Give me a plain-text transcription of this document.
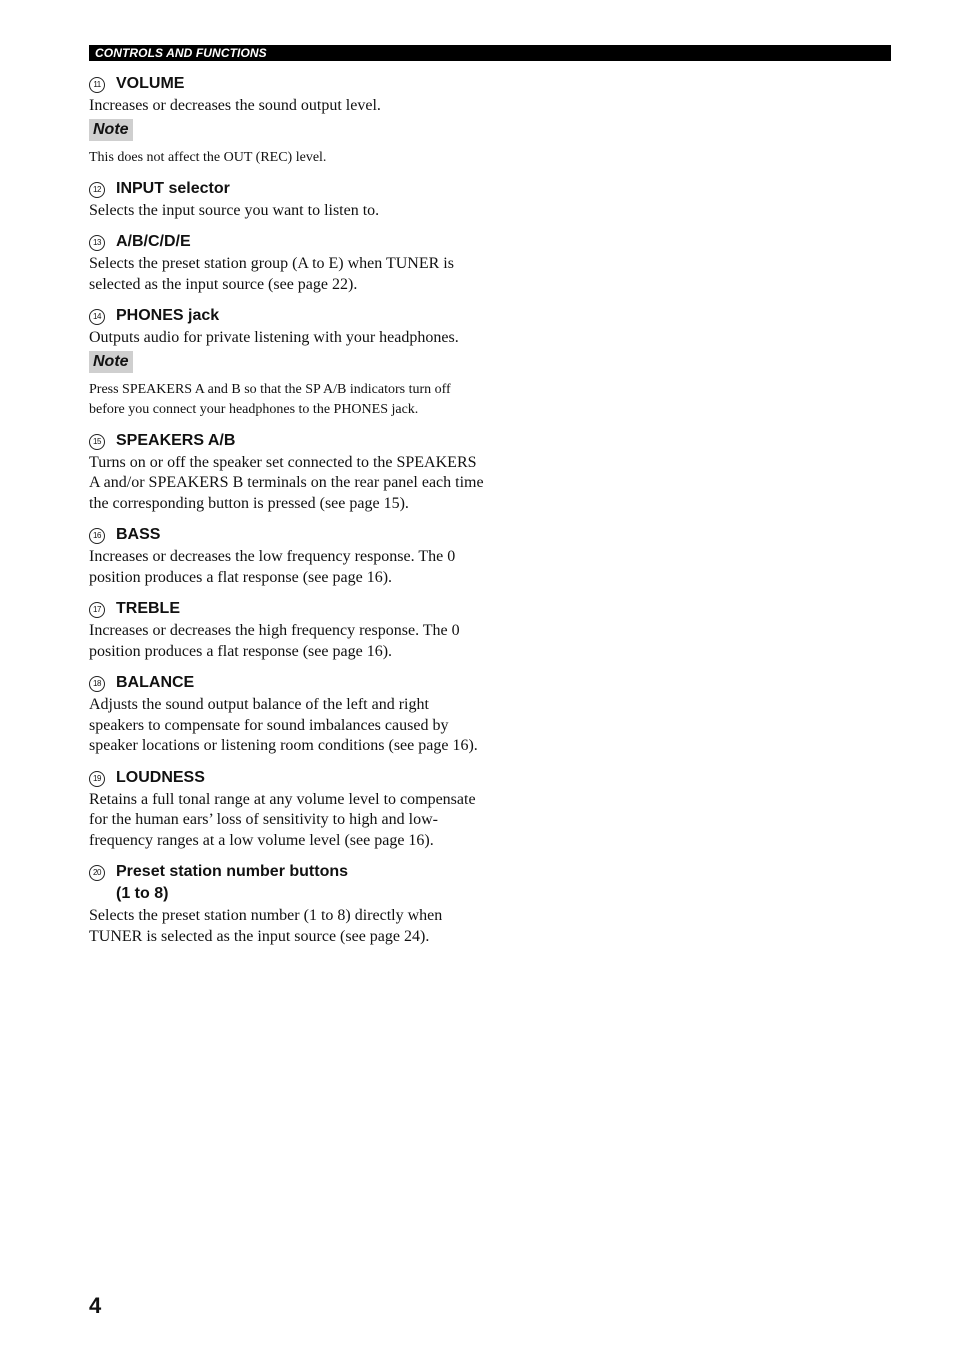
CONTROLS AND FUNCTIONS
11 VOLUME

Increases or decreases the sound output level.

Note

This does not affect the OUT (REC) level.

12 INPUT selector

Selects the input source you want to listen to.

13 A/B/C/D/E

Selects the preset station group (A to E) when TUNER is selected as the input source (see page 22).

14 PHONES jack

Outputs audio for private listening with your headphones.

Note

Press SPEAKERS A and B so that the SP A/B indicators turn off before you connect your headphones to the PHONES jack.

15 SPEAKERS A/B

Turns on or off the speaker set connected to the SPEAKERS A and/or SPEAKERS B terminals on the rear panel each time the corresponding button is pressed (see page 15).

16 BASS

Increases or decreases the low frequency response. The 0 position produces a flat response (see page 16).

17 TREBLE

Increases or decreases the high frequency response. The 0 position produces a flat response (see page 16).

18 BALANCE

Adjusts the sound output balance of the left and right speakers to compensate for sound imbalances caused by speaker locations or listening room conditions (see page 16).

19 LOUDNESS

Retains a full tonal range at any volume level to compensate for the human ears’ loss of sensitivity to high and low-frequency ranges at a low volume level (see page 16).

20 Preset station number buttons
(1 to 8)

Selects the preset station number (1 to 8) directly when TUNER is selected as the input source (see page 24).

4
